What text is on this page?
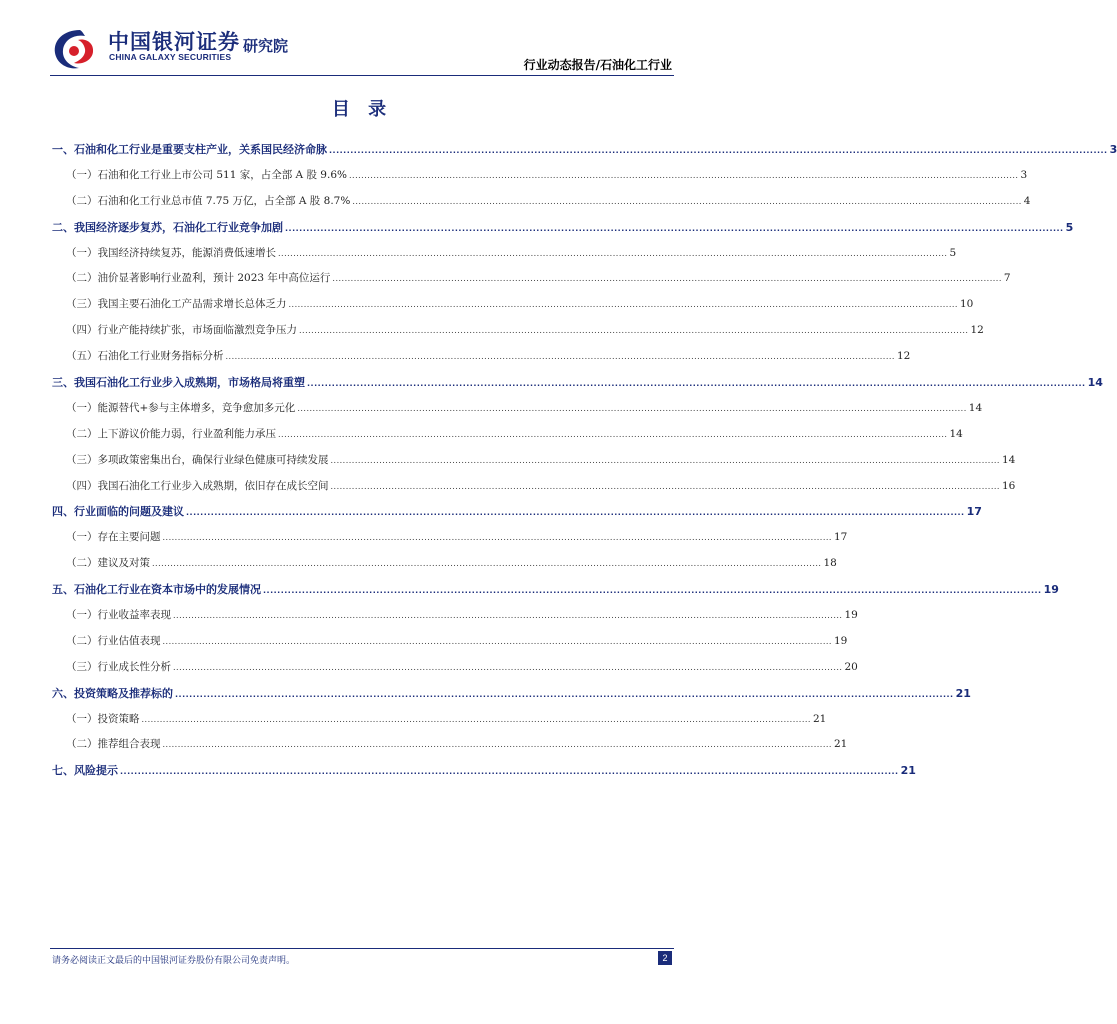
中国银河证券
CHINA GALAXY SECURITIES
研究院
行业动态报告/石油化工行业
目 录
一、石油和化工行业是重要支柱产业，关系国民经济命脉 ............................................................................................................................................................................................................................ 3
（一）石油和化工行业上市公司 511 家，占全部 A 股 9.6% ............................................................................................................................................................................................................................ 3
（二）石油和化工行业总市值 7.75 万亿，占全部 A 股 8.7% ............................................................................................................................................................................................................................ 4
二、我国经济逐步复苏，石油化工行业竞争加剧 ............................................................................................................................................................................................................................ 5
（一）我国经济持续复苏，能源消费低速增长 ............................................................................................................................................................................................................................ 5
（二）油价显著影响行业盈利，预计 2023 年中高位运行 ............................................................................................................................................................................................................................ 7
（三）我国主要石油化工产品需求增长总体乏力 ............................................................................................................................................................................................................................ 10
（四）行业产能持续扩张，市场面临激烈竞争压力 ............................................................................................................................................................................................................................ 12
（五）石油化工行业财务指标分析 ............................................................................................................................................................................................................................ 12
三、我国石油化工行业步入成熟期，市场格局将重塑 ............................................................................................................................................................................................................................ 14
（一）能源替代+参与主体增多，竞争愈加多元化 ............................................................................................................................................................................................................................ 14
（二）上下游议价能力弱，行业盈利能力承压 ............................................................................................................................................................................................................................ 14
（三）多项政策密集出台，确保行业绿色健康可持续发展 ............................................................................................................................................................................................................................ 14
（四）我国石油化工行业步入成熟期，依旧存在成长空间 ............................................................................................................................................................................................................................ 16
四、行业面临的问题及建议 ............................................................................................................................................................................................................................ 17
（一）存在主要问题 ............................................................................................................................................................................................................................ 17
（二）建议及对策 ............................................................................................................................................................................................................................ 18
五、石油化工行业在资本市场中的发展情况 ............................................................................................................................................................................................................................ 19
（一）行业收益率表现 ............................................................................................................................................................................................................................ 19
（二）行业估值表现 ............................................................................................................................................................................................................................ 19
（三）行业成长性分析 ............................................................................................................................................................................................................................ 20
六、投资策略及推荐标的 ............................................................................................................................................................................................................................ 21
（一）投资策略 ............................................................................................................................................................................................................................ 21
（二）推荐组合表现 ............................................................................................................................................................................................................................ 21
七、风险提示 ............................................................................................................................................................................................................................ 21
请务必阅读正文最后的中国银河证券股份有限公司免责声明。	2
